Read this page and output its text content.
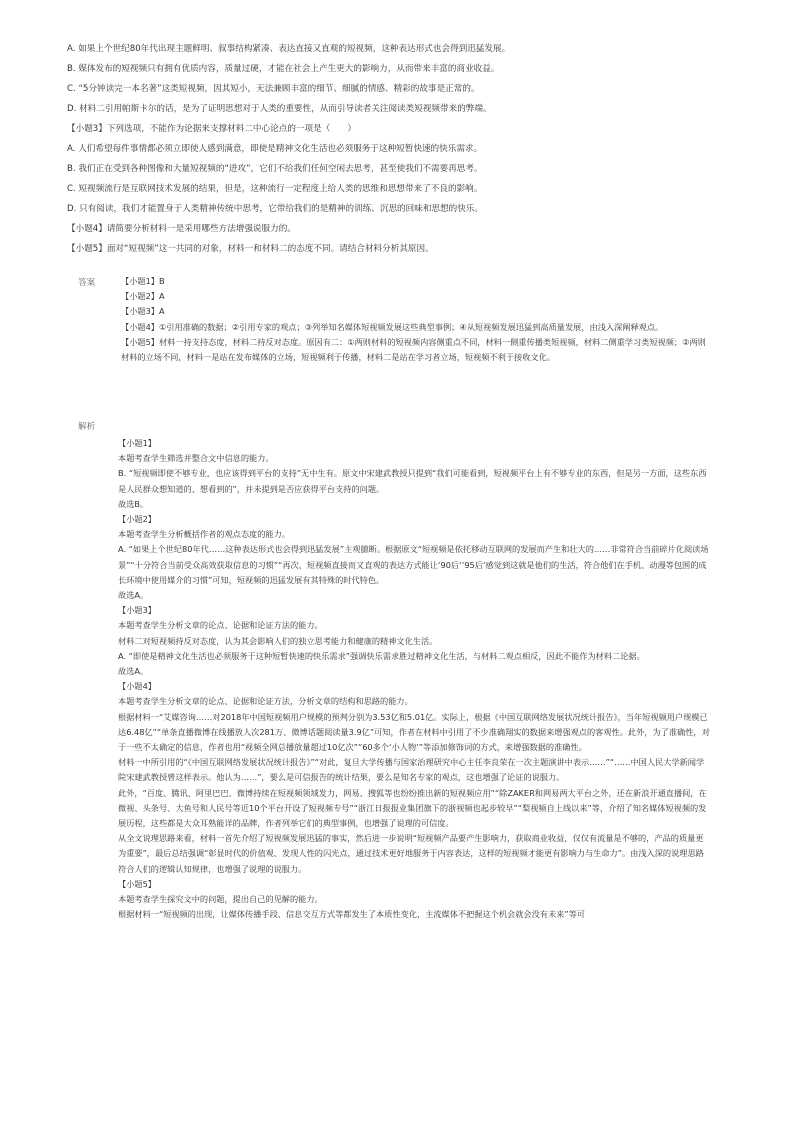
A. 如果上个世纪80年代出现主题鲜明、叙事结构紧凑、表达直接又直观的短视频，这种表达形式也会得到迅猛发展。
B. 媒体发布的短视频只有拥有优质内容，质量过硬，才能在社会上产生更大的影响力，从而带来丰富的商业收益。
C. “5分钟读完一本名著”这类短视频，因其短小，无法兼顾丰富的细节、细腻的情感、精彩的故事是正常的。
D. 材料二引用帕斯卡尔的话，是为了证明思想对于人类的重要性，从而引导读者关注阅读类短视频带来的弊端。
【小题3】下列选项，不能作为论据来支撑材料二中心论点的一项是（　　）
A. 人们希望每件事情都必须立即使人感到满意，即使是精神文化生活也必须服务于这种短暂快速的快乐需求。
B. 我们正在受到各种图像和大量短视频的“进攻”，它们不给我们任何空闲去思考，甚至使我们不需要再思考。
C. 短视频流行是互联网技术发展的结果，但是，这种流行一定程度上给人类的思维和思想带来了不良的影响。
D. 只有阅读，我们才能置身于人类精神传统中思考，它带给我们的是精神的训练、沉思的回味和思想的快乐。
【小题4】请简要分析材料一是采用哪些方法增强说服力的。
【小题5】面对“短视频”这一共同的对象，材料一和材料二的态度不同。请结合材料分析其原因。
答案	【小题1】B

【小题2】A

【小题3】A

【小题4】①引用准确的数据；②引用专家的观点；③列举知名媒体短视频发展这些典型事例；④从短视频发展迅猛到高质量发展，由浅入深阐释观点。

【小题5】材料一持支持态度，材料二持反对态度。原因有二：①两则材料的短视频内容侧重点不同，材料一侧重传播类短视频，材料二侧重学习类短视频；②两则材料的立场不同，材料一是站在发布媒体的立场，短视频利于传播，材料二是站在学习者立场，短视频不利于接收文化。

解析

【小题1】

本题考查学生筛选并整合文中信息的能力。

B. “短视频即使不够专业，也应该得到平台的支持”无中生有。原文中宋建武教授只提到“我们可能看到，短视频平台上有不够专业的东西，但是另一方面，这些东西是人民群众想知道的、想看到的”，并未提到是否应获得平台支持的问题。

故选B。

【小题2】

本题考查学生分析概括作者的观点态度的能力。

A. “如果上个世纪80年代……这种表达形式也会得到迅猛发展”主观臆断。根据原文“短视频是依托移动互联网的发展而产生和壮大的……非常符合当前碎片化阅读场景”“十分符合当前受众高效获取信息的习惯”“再次，短视频直接而又直观的表达方式能让‘90后’‘95后’感觉到这就是他们的生活，符合他们在手机、动漫等包围的成长环境中使用媒介的习惯”可知，短视频的迅猛发展有其特殊的时代特色。

故选A。

【小题3】

本题考查学生分析文章的论点、论据和论证方法的能力。

材料二对短视频持反对态度，认为其会影响人们的独立思考能力和健康的精神文化生活。

A. “即使是精神文化生活也必须服务于这种短暂快速的快乐需求”强调快乐需求胜过精神文化生活，与材料二观点相反，因此不能作为材料二论据。

故选A。

【小题4】

本题考查学生分析文章的论点、论据和论证方法，分析文章的结构和思路的能力。

根据材料一“艾媒咨询……对2018年中国短视频用户规模的预判分别为3.53亿和5.01亿。实际上，根据《中国互联网络发展状况统计报告》，当年短视频用户规模已达6.48亿”“单条直播微博在线播放人次281万、微博话题阅读量3.9亿”可知，作者在材料中引用了不少准确翔实的数据来增强观点的客观性。此外，为了准确性，对于一些不太确定的信息，作者也用“视频全网总播放量超过10亿次”“60多个‘小人物’”等添加修饰词的方式，来增强数据的准确性。

材料一中所引用的“《中国互联网络发展状况统计报告》”“对此，复旦大学传播与国家治理研究中心主任李良荣在一次主题演讲中表示……”“……中国人民大学新闻学院宋建武教授曾这样表示。他认为……”，要么是可信报告的统计结果，要么是知名专家的观点，这也增强了论证的说服力。

此外，“百度、腾讯、阿里巴巴、微博持续在短视频领域发力，网易、搜狐等也纷纷推出新的短视频应用”“除ZAKER和网易两大平台之外，还在新浪开通直播间，在微视、头条号、大鱼号和人民号等近10个平台开设了短视频专号”“浙江日报报业集团旗下的浙视频也起步较早”“梨视频自上线以来”等，介绍了知名媒体短视频的发展历程，这些都是大众耳熟能详的品牌，作者列举它们的典型事例，也增强了说理的可信度。

从全文说理思路来看，材料一首先介绍了短视频发展迅猛的事实，然后进一步说明“短视频产品要产生影响力，获取商业收益，仅仅有流量是不够的，产品的质量更为重要”，最后总结强调“彰显时代的价值观、发现人性的闪光点，通过技术更好地服务于内容表达，这样的短视频才能更有影响力与生命力”。由浅入深的说理思路符合人们的逻辑认知规律，也增强了说理的说服力。

【小题5】

本题考查学生探究文中的问题，提出自己的见解的能力。

根据材料一“短视频的出现，让媒体传播手段、信息交互方式等都发生了本质性变化，主流媒体不把握这个机会就会没有未来”等可
